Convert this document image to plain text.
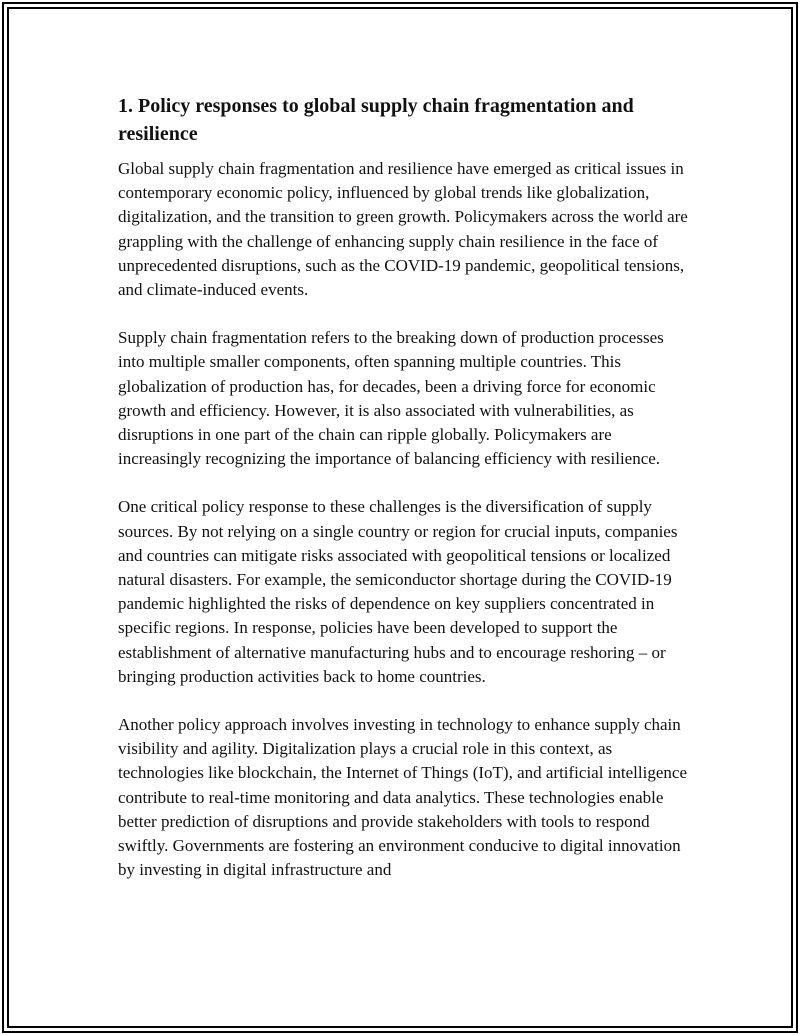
1. Policy responses to global supply chain fragmentation and resilience

Global supply chain fragmentation and resilience have emerged as critical issues in contemporary economic policy, influenced by global trends like globalization, digitalization, and the transition to green growth. Policymakers across the world are grappling with the challenge of enhancing supply chain resilience in the face of unprecedented disruptions, such as the COVID-19 pandemic, geopolitical tensions, and climate-induced events.

Supply chain fragmentation refers to the breaking down of production processes into multiple smaller components, often spanning multiple countries. This globalization of production has, for decades, been a driving force for economic growth and efficiency. However, it is also associated with vulnerabilities, as disruptions in one part of the chain can ripple globally. Policymakers are increasingly recognizing the importance of balancing efficiency with resilience.

One critical policy response to these challenges is the diversification of supply sources. By not relying on a single country or region for crucial inputs, companies and countries can mitigate risks associated with geopolitical tensions or localized natural disasters. For example, the semiconductor shortage during the COVID-19 pandemic highlighted the risks of dependence on key suppliers concentrated in specific regions. In response, policies have been developed to support the establishment of alternative manufacturing hubs and to encourage reshoring – or bringing production activities back to home countries.

Another policy approach involves investing in technology to enhance supply chain visibility and agility. Digitalization plays a crucial role in this context, as technologies like blockchain, the Internet of Things (IoT), and artificial intelligence contribute to real-time monitoring and data analytics. These technologies enable better prediction of disruptions and provide stakeholders with tools to respond swiftly. Governments are fostering an environment conducive to digital innovation by investing in digital infrastructure and
